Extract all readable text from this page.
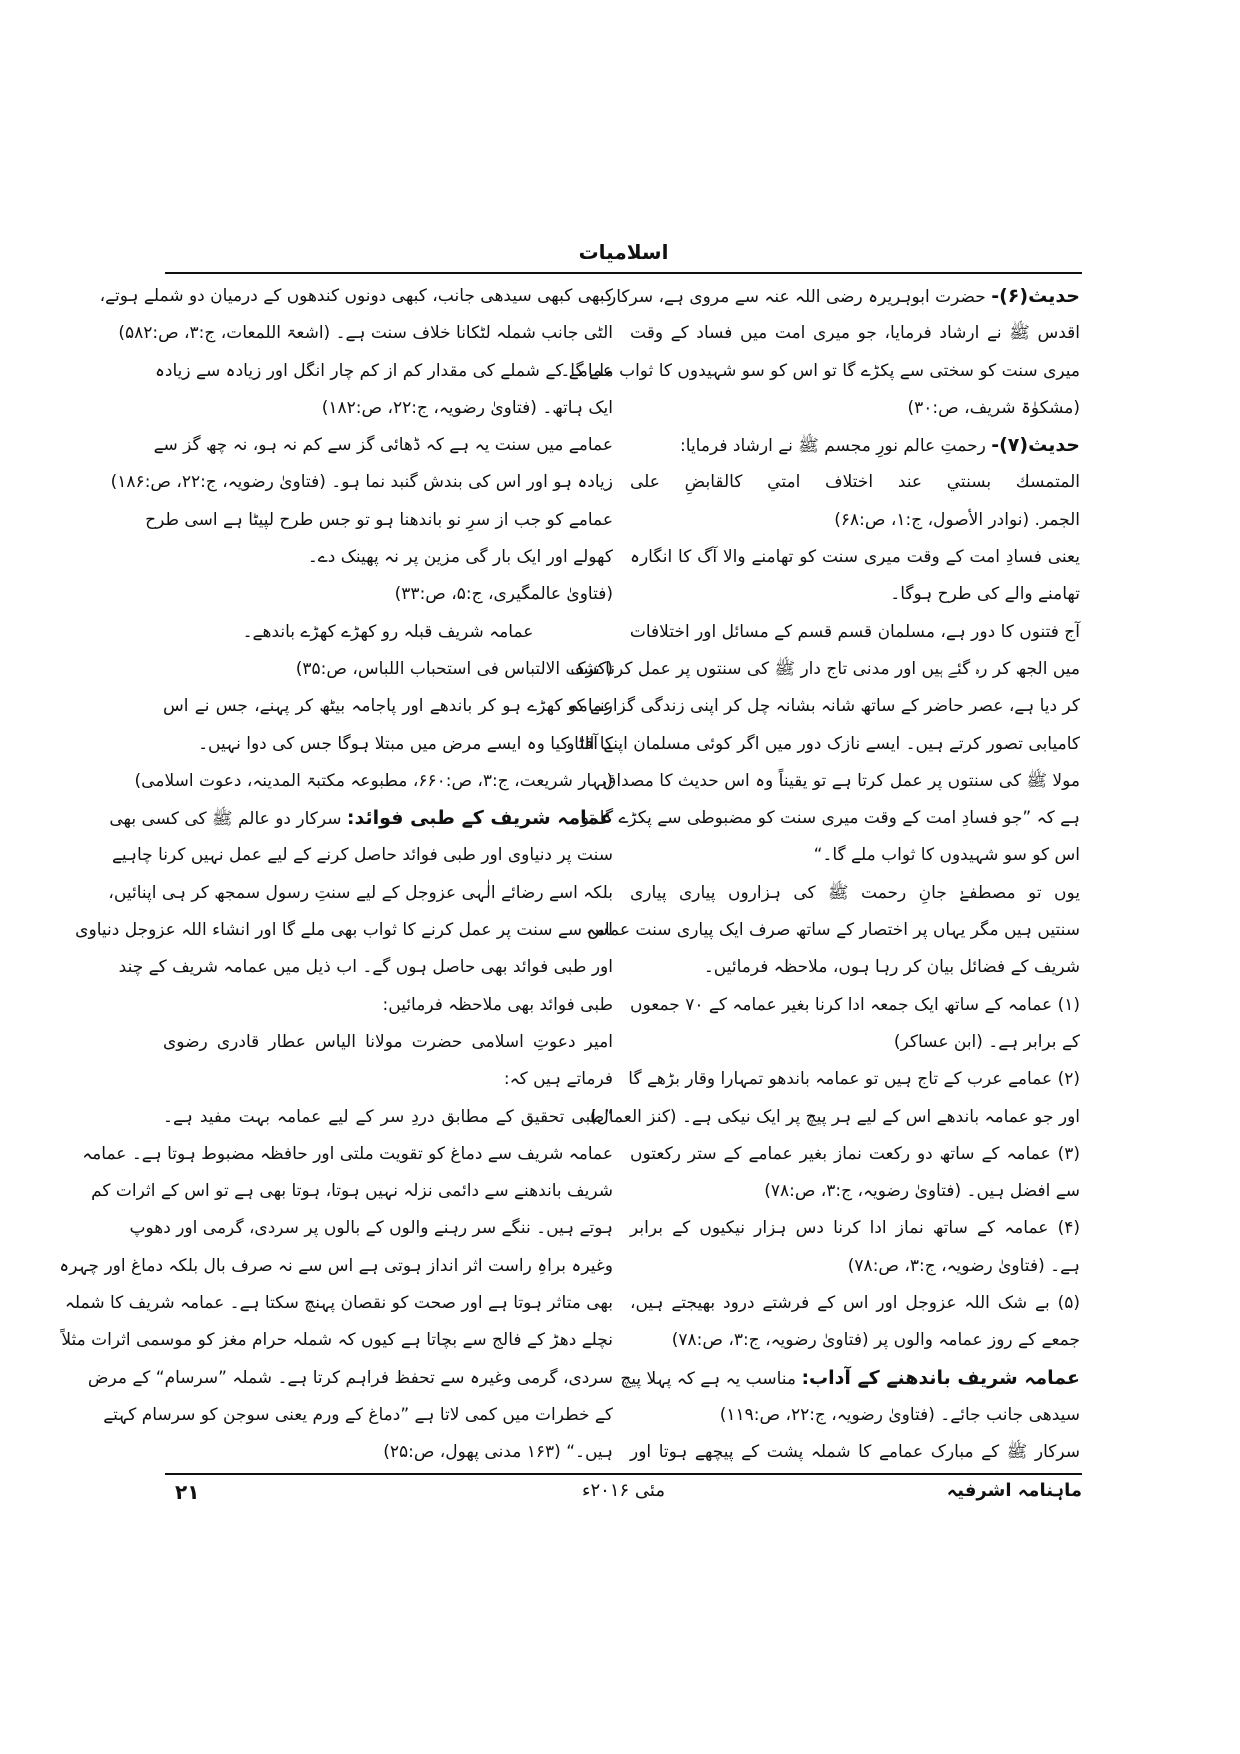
اسلامیات
حدیث(۶)- حضرت ابوہریرہ رضی اللہ عنہ سے مروی ہے، سرکار
اقدس ﷺ نے ارشاد فرمایا، جو میری امت میں فساد کے وقت
میری سنت کو سختی سے پکڑے گا تو اس کو سو شہیدوں کا ثواب ملے گا۔
(مشکوٰۃ شریف، ص:۳۰)
حدیث(۷)- رحمتِ عالم نورِ مجسم ﷺ نے ارشاد فرمایا:
المتمسك بسنتي عند اختلاف امتي كالقابضِ على
الجمر. (نوادر الأصول، ج:۱، ص:۶۸)
یعنی فسادِ امت کے وقت میری سنت کو تھامنے والا آگ کا انگارہ
تھامنے والے کی طرح ہوگا۔
آج فتنوں کا دور ہے، مسلمان قسم قسم کے مسائل اور اختلافات
میں الجھ کر رہ گئے ہیں اور مدنی تاج دار ﷺ کی سنتوں پر عمل کرنا ترک
کر دیا ہے، عصر حاضر کے ساتھ شانہ بشانہ چل کر اپنی زندگی گزارنے کو
کامیابی تصور کرتے ہیں۔ ایسے نازک دور میں اگر کوئی مسلمان اپنے آقا و
مولا ﷺ کی سنتوں پر عمل کرتا ہے تو یقیناً وہ اس حدیث کا مصداق
ہے کہ ”جو فسادِ امت کے وقت میری سنت کو مضبوطی سے پکڑے گا تو
اس کو سو شہیدوں کا ثواب ملے گا۔“
یوں تو مصطفےٰ جانِ رحمت ﷺ کی ہزاروں پیاری پیاری
سنتیں ہیں مگر یہاں پر اختصار کے ساتھ صرف ایک پیاری سنت عمامہ
شریف کے فضائل بیان کر رہا ہوں، ملاحظہ فرمائیں۔
(۱) عمامہ کے ساتھ ایک جمعہ ادا کرنا بغیر عمامہ کے ۷۰ جمعوں
کے برابر ہے۔ (ابن عساکر)
(۲) عمامے عرب کے تاج ہیں تو عمامہ باندھو تمہارا وقار بڑھے گا
اور جو عمامہ باندھے اس کے لیے ہر پیچ پر ایک نیکی ہے۔ (کنز العمال)
(۳) عمامہ کے ساتھ دو رکعت نماز بغیر عمامے کے ستر رکعتوں
سے افضل ہیں۔ (فتاویٰ رضویہ، ج:۳، ص:۷۸)
(۴) عمامہ کے ساتھ نماز ادا کرنا دس ہزار نیکیوں کے برابر
ہے۔ (فتاویٰ رضویہ، ج:۳، ص:۷۸)
(۵) بے شک اللہ عزوجل اور اس کے فرشتے درود بھیجتے ہیں،
جمعے کے روز عمامہ والوں پر (فتاویٰ رضویہ، ج:۳، ص:۷۸)
عمامہ شریف باندھنے کے آداب: مناسب یہ ہے کہ پہلا پیچ
سیدھی جانب جائے۔ (فتاویٰ رضویہ، ج:۲۲، ص:۱۱۹)
سرکار ﷺ کے مبارک عمامے کا شملہ پشت کے پیچھے ہوتا اور
کبھی کبھی سیدھی جانب، کبھی دونوں کندھوں کے درمیان دو شملے ہوتے،
الٹی جانب شملہ لٹکانا خلاف سنت ہے۔ (اشعۃ اللمعات، ج:۳، ص:۵۸۲)
عمامے کے شملے کی مقدار کم از کم چار انگل اور زیادہ سے زیادہ
ایک ہاتھ۔ (فتاویٰ رضویہ، ج:۲۲، ص:۱۸۲)
عمامے میں سنت یہ ہے کہ ڈھائی گز سے کم نہ ہو، نہ چھ گز سے
زیادہ ہو اور اس کی بندش گنبد نما ہو۔ (فتاویٰ رضویہ، ج:۲۲، ص:۱۸۶)
عمامے کو جب از سرِ نو باندھنا ہو تو جس طرح لپیٹا ہے اسی طرح
کھولے اور ایک بار گی مزین پر نہ پھینک دے۔
(فتاویٰ عالمگیری، ج:۵، ص:۳۳)
عمامہ شریف قبلہ رو کھڑے کھڑے باندھے۔
(کشف الالتباس فی استحباب اللباس، ص:۳۵)
عمامہ کھڑے ہو کر باندھے اور پاجامہ بیٹھ کر پہنے، جس نے اس
کا الٹا کیا وہ ایسے مرض میں مبتلا ہوگا جس کی دوا نہیں۔
(بہار شریعت، ج:۳، ص:۶۶۰، مطبوعہ مکتبۃ المدینہ، دعوت اسلامی)
عمامہ شریف کے طبی فوائد: سرکار دو عالم ﷺ کی کسی بھی
سنت پر دنیاوی اور طبی فوائد حاصل کرنے کے لیے عمل نہیں کرنا چاہیے
بلکہ اسے رضائے الٰہی عزوجل کے لیے سنتِ رسول سمجھ کر ہی اپنائیں،
اس سے سنت پر عمل کرنے کا ثواب بھی ملے گا اور انشاء اللہ عزوجل دنیاوی
اور طبی فوائد بھی حاصل ہوں گے۔ اب ذیل میں عمامہ شریف کے چند
طبی فوائد بھی ملاحظہ فرمائیں:
امیر دعوتِ اسلامی حضرت مولانا الیاس عطار قادری رضوی
فرماتے ہیں کہ:
”طبی تحقیق کے مطابق دردِ سر کے لیے عمامہ بہت مفید ہے۔
عمامہ شریف سے دماغ کو تقویت ملتی اور حافظہ مضبوط ہوتا ہے۔ عمامہ
شریف باندھنے سے دائمی نزلہ نہیں ہوتا، ہوتا بھی ہے تو اس کے اثرات کم
ہوتے ہیں۔ ننگے سر رہنے والوں کے بالوں پر سردی، گرمی اور دھوپ
وغیرہ براہِ راست اثر انداز ہوتی ہے اس سے نہ صرف بال بلکہ دماغ اور چہرہ
بھی متاثر ہوتا ہے اور صحت کو نقصان پہنچ سکتا ہے۔ عمامہ شریف کا شملہ
نچلے دھڑ کے فالج سے بچاتا ہے کیوں کہ شملہ حرام مغز کو موسمی اثرات مثلاً
سردی، گرمی وغیرہ سے تحفظ فراہم کرتا ہے۔ شملہ ”سرسام“ کے مرض
کے خطرات میں کمی لاتا ہے ”دماغ کے ورم یعنی سوجن کو سرسام کہتے
ہیں۔“ (۱۶۳ مدنی پھول، ص:۲۵)
ماہنامہ اشرفیہ
مئی ۲۰۱۶ء
۲۱
